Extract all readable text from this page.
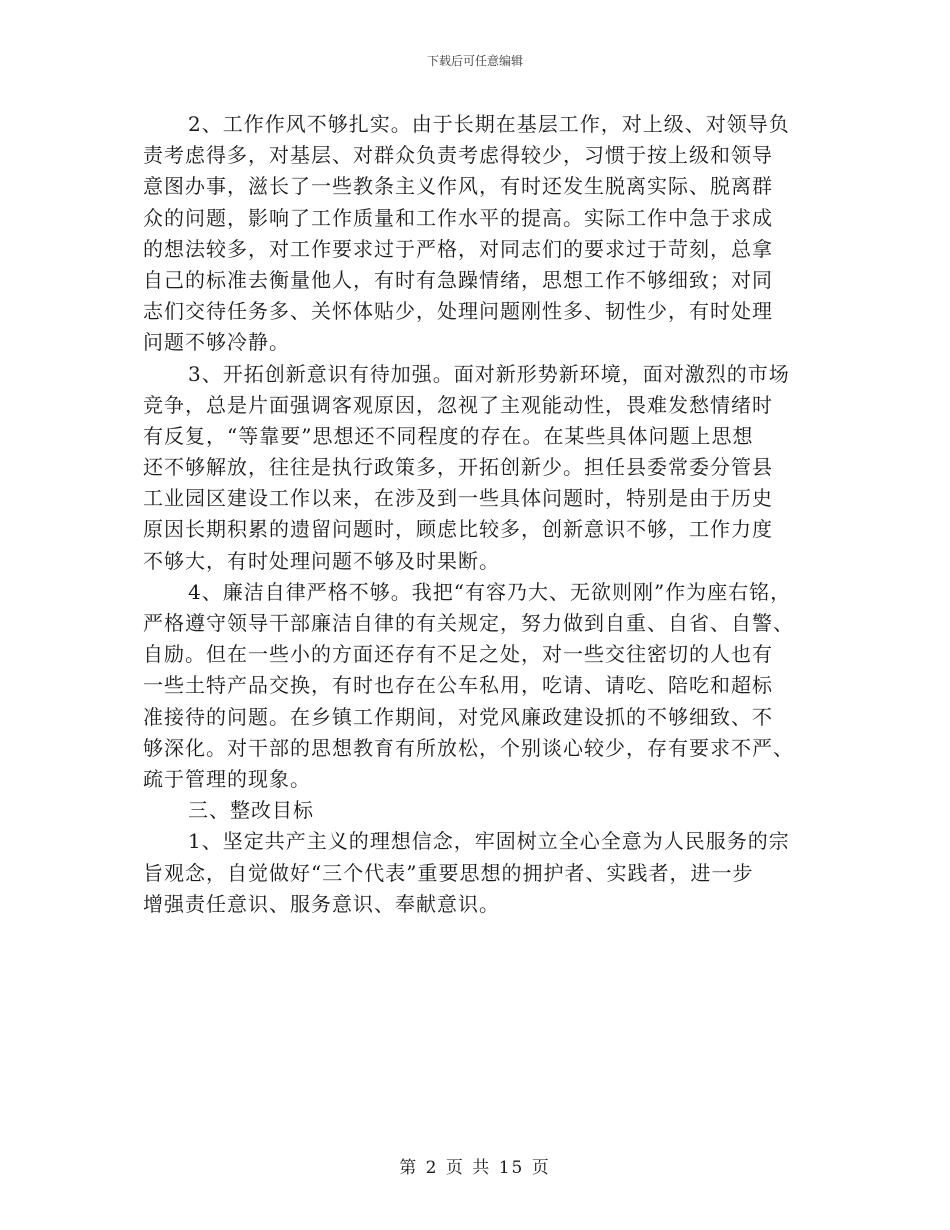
下载后可任意编辑
2、工作作风不够扎实。由于长期在基层工作，对上级、对领导负
责考虑得多，对基层、对群众负责考虑得较少，习惯于按上级和领导
意图办事，滋长了一些教条主义作风，有时还发生脱离实际、脱离群
众的问题，影响了工作质量和工作水平的提高。实际工作中急于求成
的想法较多，对工作要求过于严格，对同志们的要求过于苛刻，总拿
自己的标准去衡量他人，有时有急躁情绪，思想工作不够细致；对同
志们交待任务多、关怀体贴少，处理问题刚性多、韧性少，有时处理
问题不够冷静。
3、开拓创新意识有待加强。面对新形势新环境，面对激烈的市场
竞争，总是片面强调客观原因，忽视了主观能动性，畏难发愁情绪时
有反复，“等靠要”思想还不同程度的存在。在某些具体问题上思想
还不够解放，往往是执行政策多，开拓创新少。担任县委常委分管县
工业园区建设工作以来，在涉及到一些具体问题时，特别是由于历史
原因长期积累的遗留问题时，顾虑比较多，创新意识不够，工作力度
不够大，有时处理问题不够及时果断。
4、廉洁自律严格不够。我把“有容乃大、无欲则刚”作为座右铭，
严格遵守领导干部廉洁自律的有关规定，努力做到自重、自省、自警、
自励。但在一些小的方面还存有不足之处，对一些交往密切的人也有
一些土特产品交换，有时也存在公车私用，吃请、请吃、陪吃和超标
准接待的问题。在乡镇工作期间，对党风廉政建设抓的不够细致、不
够深化。对干部的思想教育有所放松，个别谈心较少，存有要求不严、
疏于管理的现象。
三、整改目标
1、坚定共产主义的理想信念，牢固树立全心全意为人民服务的宗
旨观念，自觉做好“三个代表”重要思想的拥护者、实践者，进一步
增强责任意识、服务意识、奉献意识。
第 2 页 共 15 页
